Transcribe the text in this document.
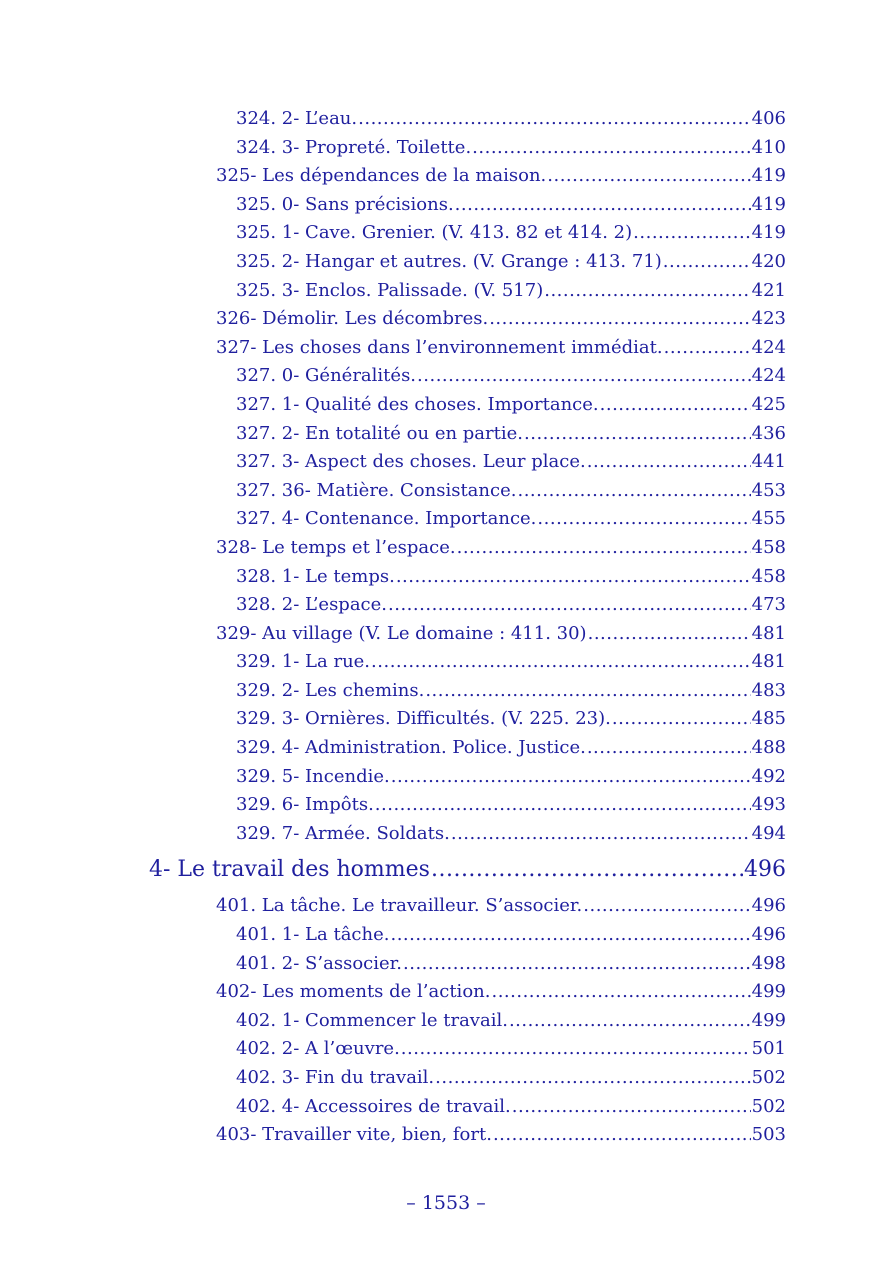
324. 2- L’eau. .....	406
324. 3- Propreté. Toilette. .....	410
325- Les dépendances de la maison. .....	419
325. 0- Sans précisions. .....	419
325. 1- Cave. Grenier. (V. 413. 82 et 414. 2) .....	419
325. 2- Hangar et autres. (V. Grange : 413. 71) .....	420
325. 3- Enclos. Palissade. (V. 517) .....	421
326- Démolir. Les décombres. .....	423
327- Les choses dans l’environnement immédiat. .....	424
327. 0- Généralités. .....	424
327. 1- Qualité des choses. Importance. .....	425
327. 2- En totalité ou en partie. .....	436
327. 3- Aspect des choses. Leur place. .....	441
327. 36- Matière. Consistance. .....	453
327. 4- Contenance. Importance. .....	455
328- Le temps et l’espace. .....	458
328. 1- Le temps. .....	458
328. 2- L’espace. .....	473
329- Au village (V. Le domaine : 411. 30) .....	481
329. 1- La rue. .....	481
329. 2- Les chemins. .....	483
329. 3- Ornières. Difficultés. (V. 225. 23). .....	485
329. 4- Administration. Police. Justice. .....	488
329. 5- Incendie. .....	492
329. 6- Impôts. .....	493
329. 7- Armée. Soldats. .....	494
4- Le travail des hommes .....	496
401. La tâche. Le travailleur. S’associer. .....	496
401. 1- La tâche. .....	496
401. 2- S’associer. .....	498
402- Les moments de l’action. .....	499
402. 1- Commencer le travail. .....	499
402. 2- A l’œuvre. .....	501
402. 3- Fin du travail. .....	502
402. 4- Accessoires de travail. .....	502
403- Travailler vite, bien, fort. .....	503
– 1553 –
